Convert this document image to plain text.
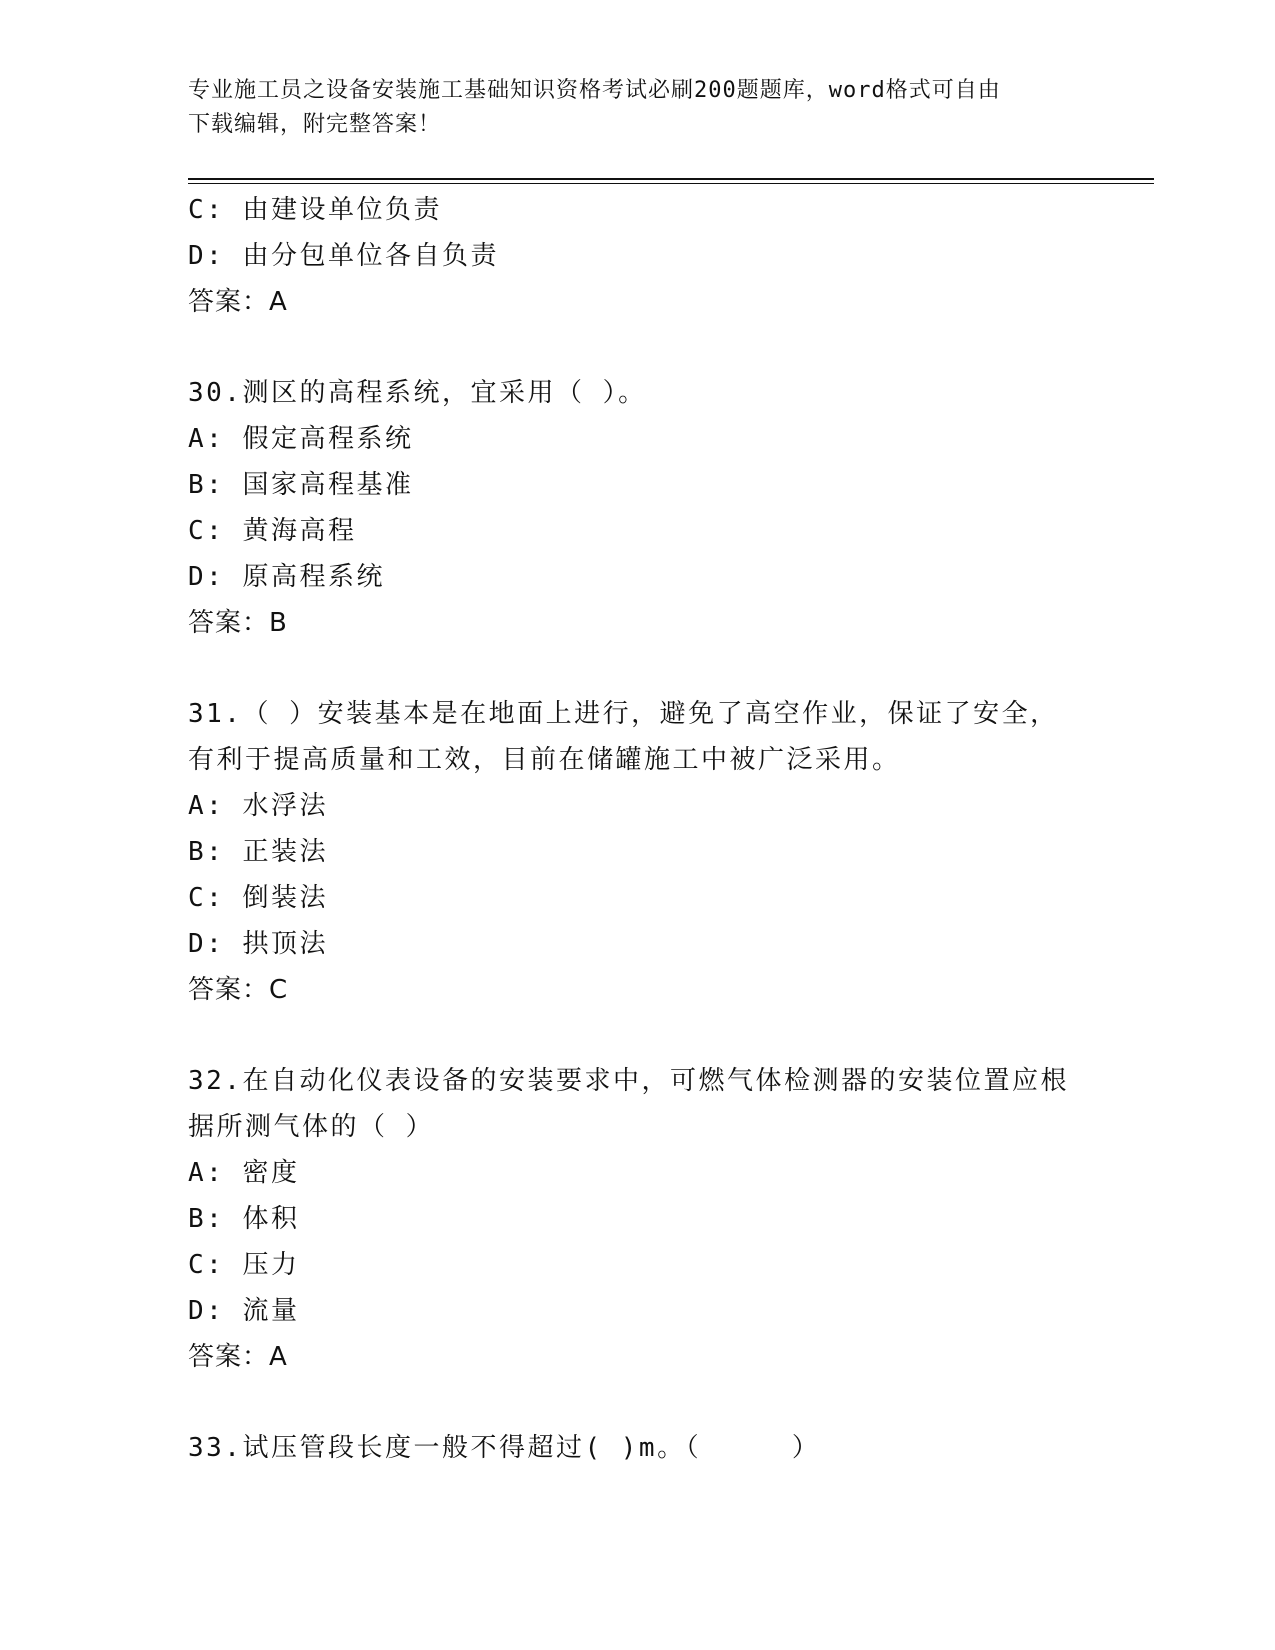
专业施工员之设备安装施工基础知识资格考试必刷200题题库，word格式可自由
下载编辑，附完整答案！
C: 由建设单位负责
D: 由分包单位各自负责
答案：A
30.测区的高程系统，宜采用（ ）。
A: 假定高程系统
B: 国家高程基准
C: 黄海高程
D: 原高程系统
答案：B
31.（ ）安装基本是在地面上进行，避免了高空作业，保证了安全，
有利于提高质量和工效，目前在储罐施工中被广泛采用。
A: 水浮法
B: 正装法
C: 倒装法
D: 拱顶法
答案：C
32.在自动化仪表设备的安装要求中，可燃气体检测器的安装位置应根
据所测气体的（ ）
A: 密度
B: 体积
C: 压力
D: 流量
答案：A
33.试压管段长度一般不得超过( )m。（     ）
